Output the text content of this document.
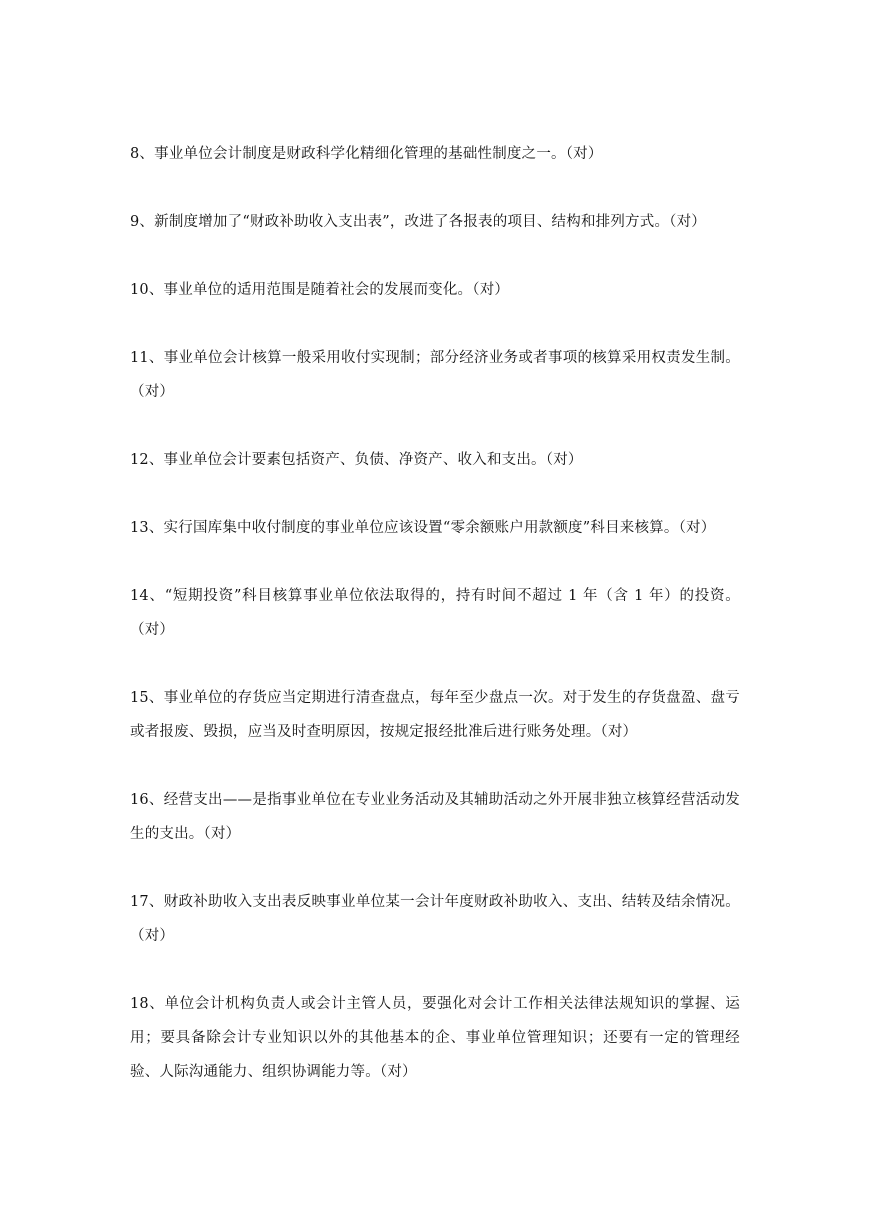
8、事业单位会计制度是财政科学化精细化管理的基础性制度之一。（对）

9、新制度增加了“财政补助收入支出表”，改进了各报表的项目、结构和排列方式。（对）

10、事业单位的适用范围是随着社会的发展而变化。（对）

11、事业单位会计核算一般采用收付实现制；部分经济业务或者事项的核算采用权责发生制。（对）

12、事业单位会计要素包括资产、负债、净资产、收入和支出。（对）

13、实行国库集中收付制度的事业单位应该设置“零余额账户用款额度”科目来核算。（对）

14、“短期投资”科目核算事业单位依法取得的，持有时间不超过 1 年（含 1 年）的投资。（对）

15、事业单位的存货应当定期进行清查盘点，每年至少盘点一次。对于发生的存货盘盈、盘亏或者报废、毁损，应当及时查明原因，按规定报经批准后进行账务处理。（对）

16、经营支出——是指事业单位在专业业务活动及其辅助活动之外开展非独立核算经营活动发生的支出。（对）

17、财政补助收入支出表反映事业单位某一会计年度财政补助收入、支出、结转及结余情况。（对）

18、单位会计机构负责人或会计主管人员，要强化对会计工作相关法律法规知识的掌握、运用；要具备除会计专业知识以外的其他基本的企、事业单位管理知识；还要有一定的管理经验、人际沟通能力、组织协调能力等。（对）
